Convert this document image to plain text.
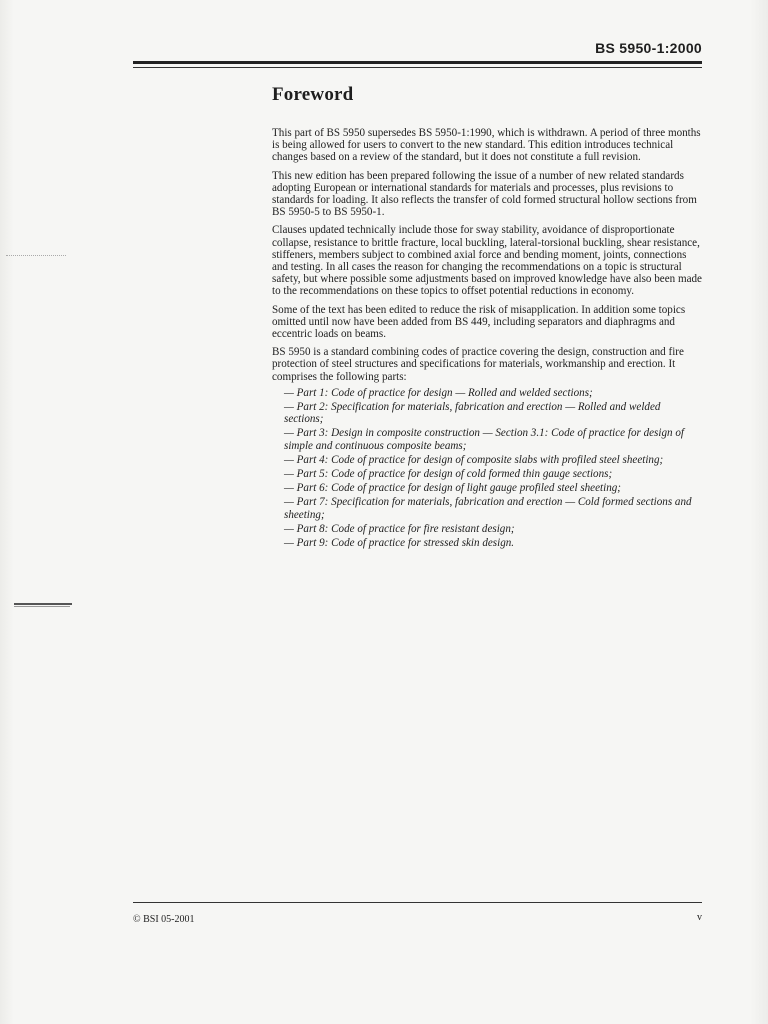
BS 5950-1:2000
Foreword

This part of BS 5950 supersedes BS 5950-1:1990, which is withdrawn. A period of three months is being allowed for users to convert to the new standard. This edition introduces technical changes based on a review of the standard, but it does not constitute a full revision.

This new edition has been prepared following the issue of a number of new related standards adopting European or international standards for materials and processes, plus revisions to standards for loading. It also reflects the transfer of cold formed structural hollow sections from BS 5950-5 to BS 5950-1.

Clauses updated technically include those for sway stability, avoidance of disproportionate collapse, resistance to brittle fracture, local buckling, lateral-torsional buckling, shear resistance, stiffeners, members subject to combined axial force and bending moment, joints, connections and testing. In all cases the reason for changing the recommendations on a topic is structural safety, but where possible some adjustments based on improved knowledge have also been made to the recommendations on these topics to offset potential reductions in economy.

Some of the text has been edited to reduce the risk of misapplication. In addition some topics omitted until now have been added from BS 449, including separators and diaphragms and eccentric loads on beams.

BS 5950 is a standard combining codes of practice covering the design, construction and fire protection of steel structures and specifications for materials, workmanship and erection. It comprises the following parts:

— Part 1: Code of practice for design — Rolled and welded sections;
— Part 2: Specification for materials, fabrication and erection — Rolled and welded sections;
— Part 3: Design in composite construction — Section 3.1: Code of practice for design of simple and continuous composite beams;
— Part 4: Code of practice for design of composite slabs with profiled steel sheeting;
— Part 5: Code of practice for design of cold formed thin gauge sections;
— Part 6: Code of practice for design of light gauge profiled steel sheeting;
— Part 7: Specification for materials, fabrication and erection — Cold formed sections and sheeting;
— Part 8: Code of practice for fire resistant design;
— Part 9: Code of practice for stressed skin design.
© BSI 05-2001	v
